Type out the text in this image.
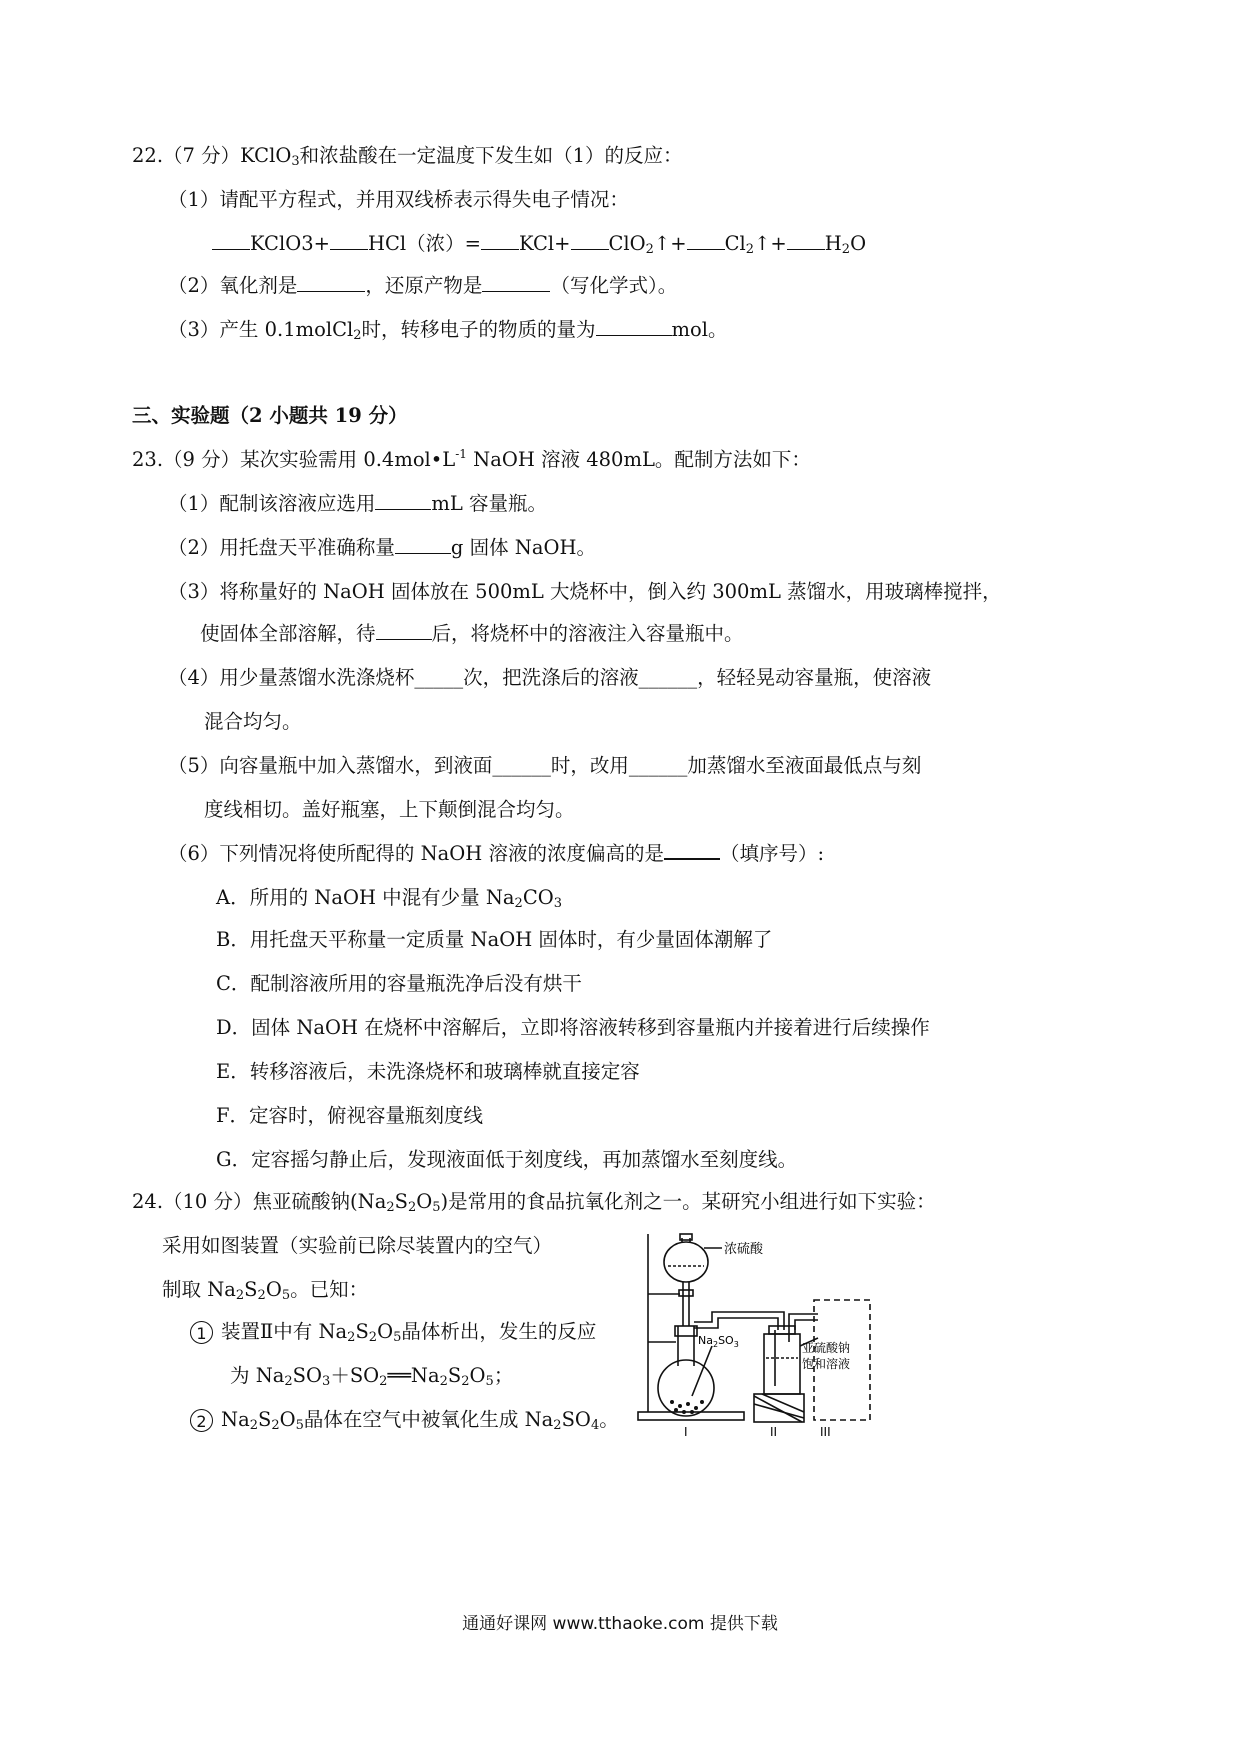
22.（7 分）KClO$_3$和浓盐酸在一定温度下发生如（1）的反应：
（1）请配平方程式，并用双线桥表示得失电子情况：
KClO3+ HCl（浓）= KCl+ ClO$_2$↑+ $Cl_2↑+ H_2O$
（2）氧化剂是	，还原产物是	（写化学式）。
（3）产生 0.1molCl$_2$时，转移电子的物质的量为	mol。
三、实验题（2 小题共 19 分）
23.（9 分）某次实验需用 $0.4mol•L^{-1}$ NaOH 溶液 480mL。配制方法如下：
（1）配制该溶液应选用	mL 容量瓶。
（2）用托盘天平准确称量	g 固体 NaOH。
（3）将称量好的 NaOH 固体放在 500mL 大烧杯中，倒入约 300mL 蒸馏水，用玻璃棒搅拌，
使固体全部溶解，待	后，将烧杯中的溶液注入容量瓶中。
（4）用少量蒸馏水洗涤烧杯_____次，把洗涤后的溶液______，轻轻晃动容量瓶，使溶液
混合均匀。
（5）向容量瓶中加入蒸馏水，到液面______时，改用______加蒸馏水至液面最低点与刻
度线相切。盖好瓶塞，上下颠倒混合均匀。
（6）下列情况将使所配得的 NaOH 溶液的浓度偏高的是	（填序号）:
A．所用的 NaOH 中混有少量 $Na_2CO_3$
B．用托盘天平称量一定质量 NaOH 固体时，有少量固体潮解了
C．配制溶液所用的容量瓶洗净后没有烘干
D．固体 NaOH 在烧杯中溶解后，立即将溶液转移到容量瓶内并接着进行后续操作
E．转移溶液后，未洗涤烧杯和玻璃棒就直接定容
F．定容时，俯视容量瓶刻度线
G．定容摇匀静止后，发现液面低于刻度线，再加蒸馏水至刻度线。
24.（10 分）焦亚硫酸钠$(Na_2S_2O_5)$是常用的食品抗氧化剂之一。某研究小组进行如下实验：
采用如图装置（实验前已除尽装置内的空气）
制取 $Na_2S_2O_5$。已知：
1 装置Ⅱ中有 $Na_2S_2O_5$晶体析出，发生的反应
为 $Na_2SO_3+SO_2══Na_2S_2O_5$；
2 $Na_2S_2O_5$晶体在空气中被氧化生成 $Na_2SO_4$。
浓硫酸
$Na_2SO_3$	亚硫酸钠
饱和溶液
I	II	III
通通好课网 www.tthaoke.com 提供下载
